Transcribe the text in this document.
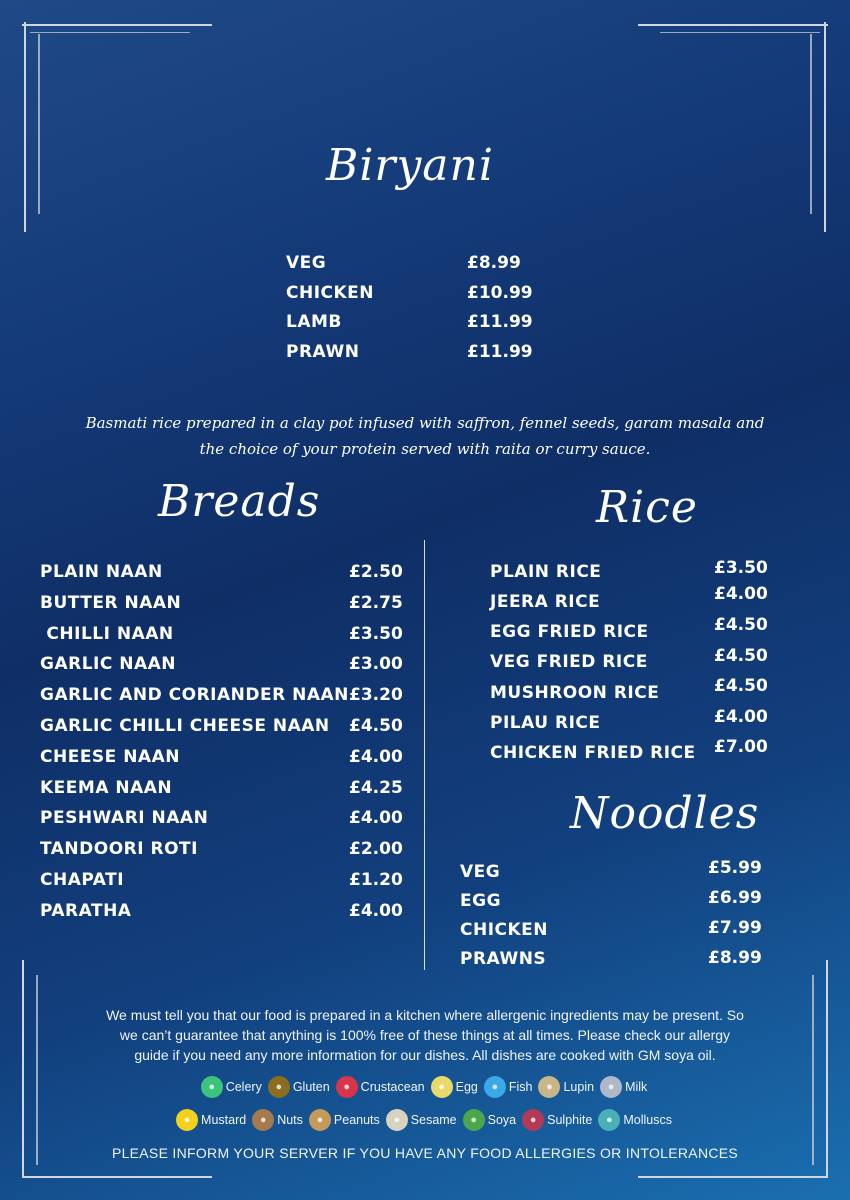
Biryani
VEG	£8.99
CHICKEN	£10.99
LAMB	£11.99
PRAWN	£11.99
Basmati rice prepared in a clay pot infused with saffron, fennel seeds, garam masala and
the choice of your protein served with raita or curry sauce.
Breads
PLAIN NAAN	£2.50
BUTTER NAAN	£2.75
CHILLI NAAN	£3.50
GARLIC NAAN	£3.00
GARLIC AND CORIANDER NAAN £3.20
GARLIC CHILLI CHEESE NAAN £4.50
CHEESE NAAN	£4.00
KEEMA NAAN	£4.25
PESHWARI NAAN	£4.00
TANDOORI ROTI	£2.00
CHAPATI	£1.20
PARATHA	£4.00
Rice
PLAIN RICE	£3.50
JEERA RICE	£4.00
EGG FRIED RICE	£4.50
VEG FRIED RICE	£4.50
MUSHROON RICE	£4.50
PILAU RICE	£4.00
CHICKEN FRIED RICE £7.00
Noodles
VEG	£5.99
EGG	£6.99
CHICKEN	£7.99
PRAWNS	£8.99
We must tell you that our food is prepared in a kitchen where allergenic ingredients may be present. So
we can’t guarantee that anything is 100% free of these things at all times. Please check our allergy
guide if you need any more information for our dishes. All dishes are cooked with GM soya oil.
● Celery	● Gluten	● Crustacean	● Egg	● Fish	● Lupin	● Milk
● Mustard	● Nuts	● Peanuts	● Sesame	● Soya	● Sulphite	● Molluscs
PLEASE INFORM YOUR SERVER IF YOU HAVE ANY FOOD ALLERGIES OR INTOLERANCES
